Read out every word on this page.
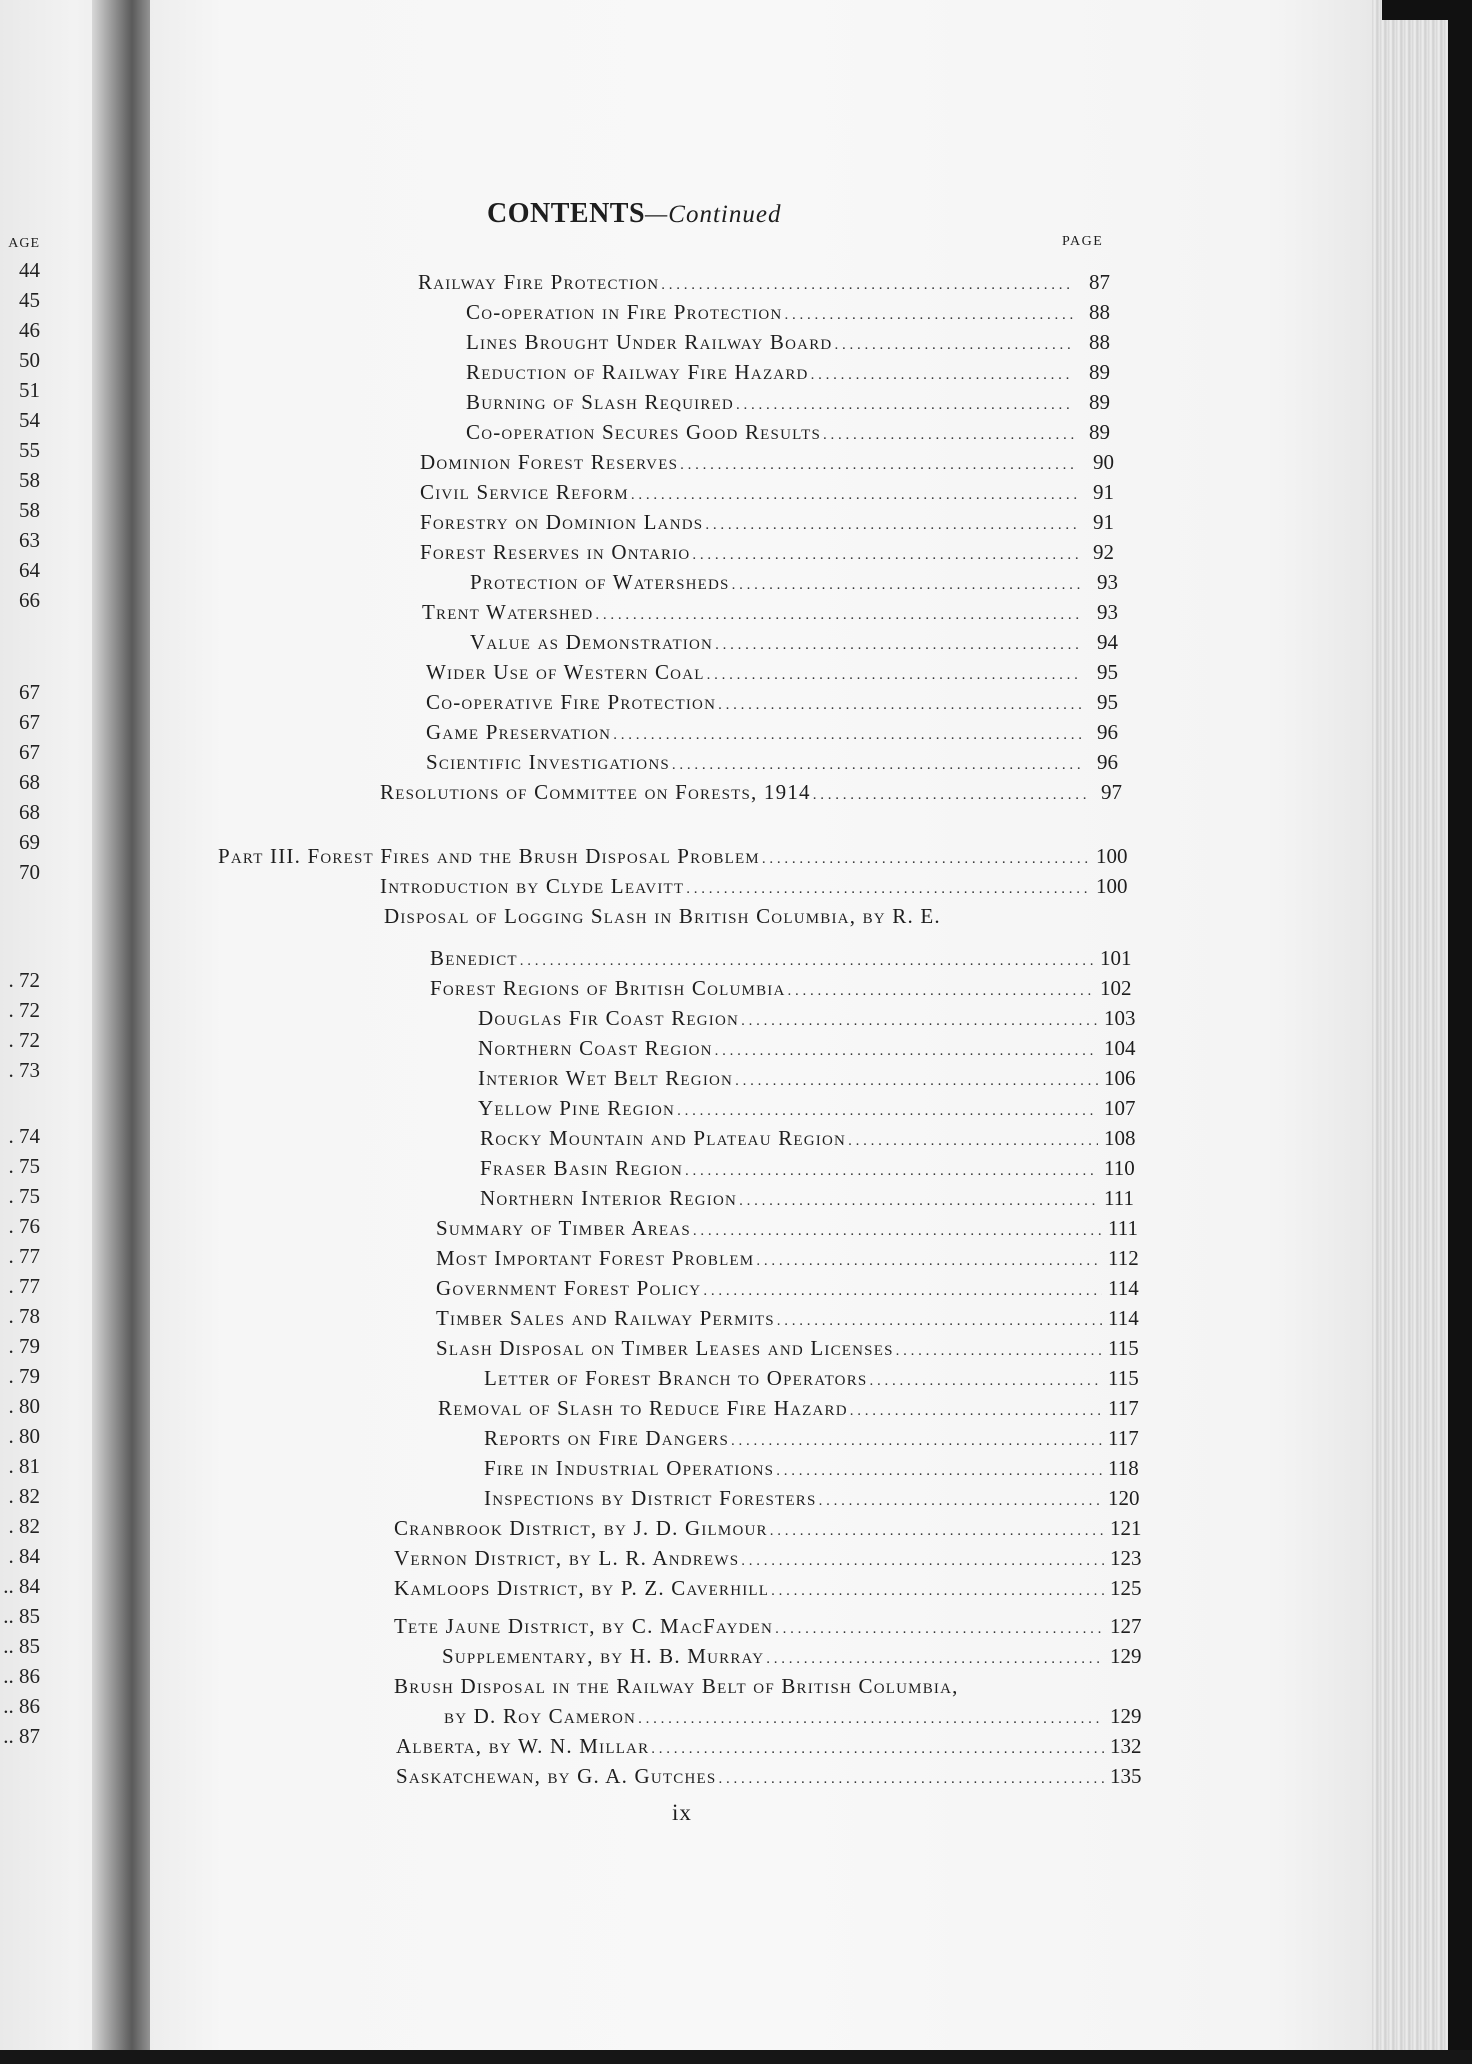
AGE
44
45
46
50
51
54
55
58
58
63
64
66
67
67
67
68
68
69
70
. 72
. 72
. 72
. 73
. 74
. 75
. 75
. 76
. 77
. 77
. 78
. 79
. 79
. 80
. 80
. 81
. 82
. 82
. 84
.. 84
.. 85
.. 85
.. 86
.. 86
.. 87
CONTENTS—Continued
PAGE
Railway Fire Protection . . .	87
Co-operation in Fire Protection . . .	88
Lines Brought Under Railway Board . . .	88
Reduction of Railway Fire Hazard . . .	89
Burning of Slash Required . . .	89
Co-operation Secures Good Results . . .	89
Dominion Forest Reserves . . .	90
Civil Service Reform . . .	91
Forestry on Dominion Lands . . .	91
Forest Reserves in Ontario . . .	92
Protection of Watersheds . . .	93
Trent Watershed . . .	93
Value as Demonstration . . .	94
Wider Use of Western Coal . . .	95
Co-operative Fire Protection . . .	95
Game Preservation . . .	96
Scientific Investigations . . .	96
Resolutions of Committee on Forests, 1914 . . .	97
Part III. Forest Fires and the Brush Disposal Problem . . .	100
Introduction by Clyde Leavitt . . .	100
Disposal of Logging Slash in British Columbia, by R. E.
Benedict . . .	101
Forest Regions of British Columbia . . .	102
Douglas Fir Coast Region . . .	103
Northern Coast Region . . .	104
Interior Wet Belt Region . . .	106
Yellow Pine Region . . .	107
Rocky Mountain and Plateau Region . . .	108
Fraser Basin Region . . .	110
Northern Interior Region . . .	111
Summary of Timber Areas . . .	111
Most Important Forest Problem . . .	112
Government Forest Policy . . .	114
Timber Sales and Railway Permits . . .	114
Slash Disposal on Timber Leases and Licenses . . .	115
Letter of Forest Branch to Operators . . .	115
Removal of Slash to Reduce Fire Hazard . . .	117
Reports on Fire Dangers . . .	117
Fire in Industrial Operations . . .	118
Inspections by District Foresters . . .	120
Cranbrook District, by J. D. Gilmour . . .	121
Vernon District, by L. R. Andrews . . .	123
Kamloops District, by P. Z. Caverhill . . .	125
Tete Jaune District, by C. MacFayden . . .	127
Supplementary, by H. B. Murray . . .	129
Brush Disposal in the Railway Belt of British Columbia,
by D. Roy Cameron . . .	129
Alberta, by W. N. Millar . . .	132
Saskatchewan, by G. A. Gutches . . .	135
ix
